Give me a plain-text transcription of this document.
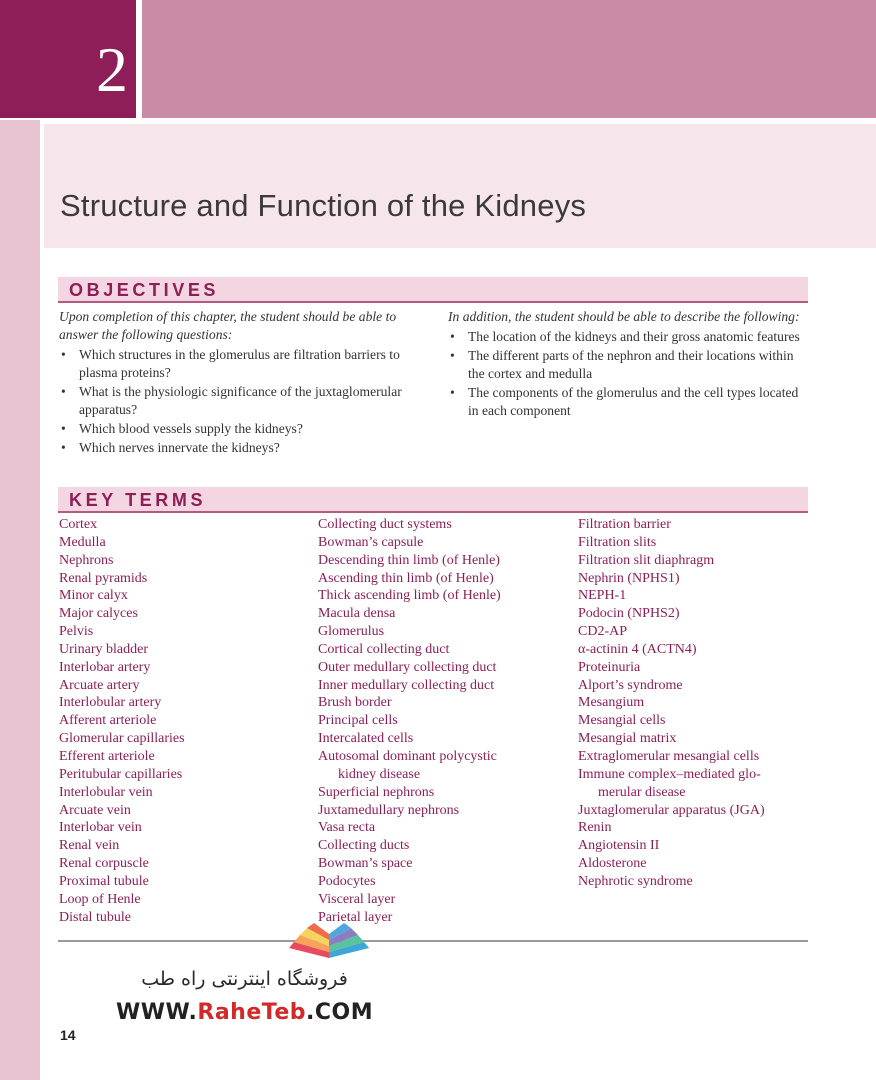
2
Structure and Function of the Kidneys
OBJECTIVES

Upon completion of this chapter, the student should be able to answer the following questions:

• Which structures in the glomerulus are filtration barriers to plasma proteins?
• What is the physiologic significance of the juxtaglomerular apparatus?
• Which blood vessels supply the kidneys?
• Which nerves innervate the kidneys?

In addition, the student should be able to describe the following:

• The location of the kidneys and their gross anatomic features
• The different parts of the nephron and their locations within the cortex and medulla
• The components of the glomerulus and the cell types located in each component
KEY TERMS
Cortex
Medulla
Nephrons
Renal pyramids
Minor calyx
Major calyces
Pelvis
Urinary bladder
Interlobar artery
Arcuate artery
Interlobular artery
Afferent arteriole
Glomerular capillaries
Efferent arteriole
Peritubular capillaries
Interlobular vein
Arcuate vein
Interlobar vein
Renal vein
Renal corpuscle
Proximal tubule
Loop of Henle
Distal tubule
Collecting duct systems
Bowman’s capsule
Descending thin limb (of Henle)
Ascending thin limb (of Henle)
Thick ascending limb (of Henle)
Macula densa
Glomerulus
Cortical collecting duct
Outer medullary collecting duct
Inner medullary collecting duct
Brush border
Principal cells
Intercalated cells
Autosomal dominant polycystic
kidney disease
Superficial nephrons
Juxtamedullary nephrons
Vasa recta
Collecting ducts
Bowman’s space
Podocytes
Visceral layer
Parietal layer
Filtration barrier
Filtration slits
Filtration slit diaphragm
Nephrin (NPHS1)
NEPH-1
Podocin (NPHS2)
CD2-AP
α-actinin 4 (ACTN4)
Proteinuria
Alport’s syndrome
Mesangium
Mesangial cells
Mesangial matrix
Extraglomerular mesangial cells
Immune complex–mediated glo-
merular disease
Juxtaglomerular apparatus (JGA)
Renin
Angiotensin II
Aldosterone
Nephrotic syndrome
فروشگاه اینترنتی راه طب
WWW.RaheTeb.COM
14
